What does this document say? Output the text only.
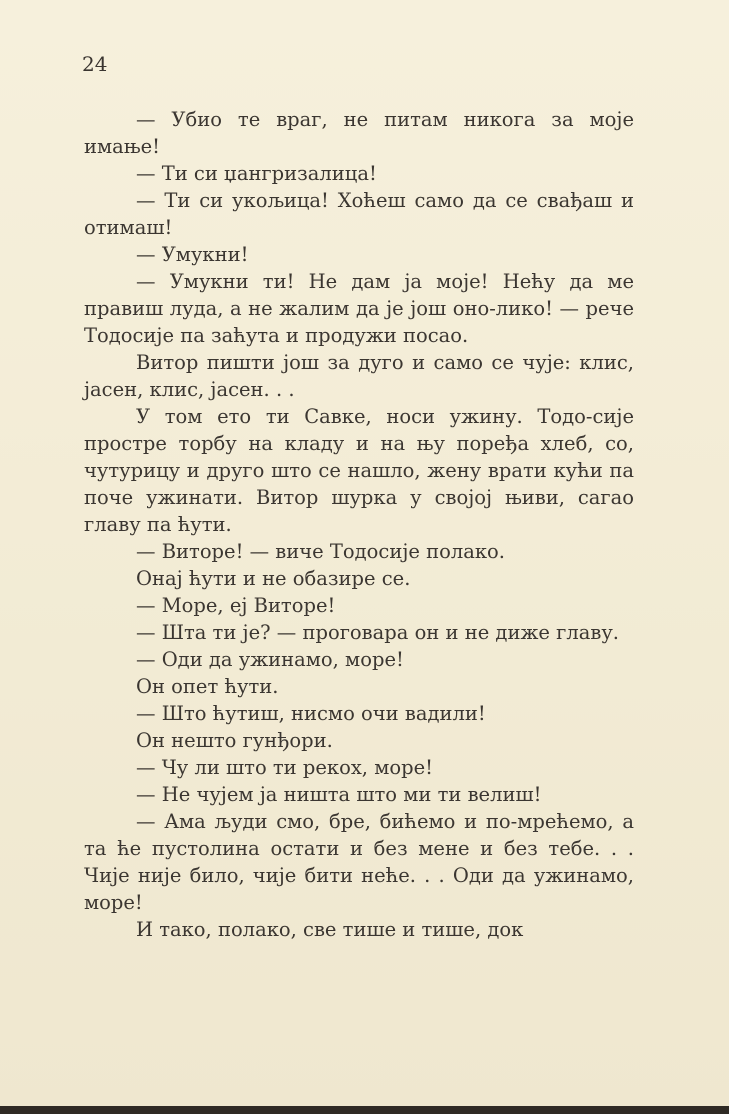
24

— Убио те враг, не питам никога за моје имање!

— Ти си џангризалица!

— Ти си укољица! Хоћеш само да се свађаш и отимаш!

— Умукни!

— Умукни ти! Не дам ја моје! Нећу да ме правиш луда, а не жалим да је још оно-лико! — рече Тодосије па заћута и продужи посао.

Витор пишти још за дуго и само се чује: клис, јасен, клис, јасен. . .

У том ето ти Савке, носи ужину. Тодо-сије простре торбу на кладу и на њу поређа хлеб, со, чутурицу и друго што се нашло, жену врати кући па поче ужинати. Витор шурка у својој њиви, сагао главу па ћути.

— Виторе! — виче Тодосије полако.

Онај ћути и не обазире се.

— Море, еј Виторе!

— Шта ти је? — проговара он и не диже главу.

— Оди да ужинамо, море!

Он опет ћути.

— Што ћутиш, нисмо очи вадили!

Он нешто гунђори.

— Чу ли што ти рекох, море!

— Не чујем ја ништа што ми ти велиш!

— Ама људи смо, бре, бићемо и по-мрећемо, а та ће пустолина остати и без мене и без тебе. . . Чије није било, чије бити неће. . . Оди да ужинамо, море!

И тако, полако, све тише и тише, док
